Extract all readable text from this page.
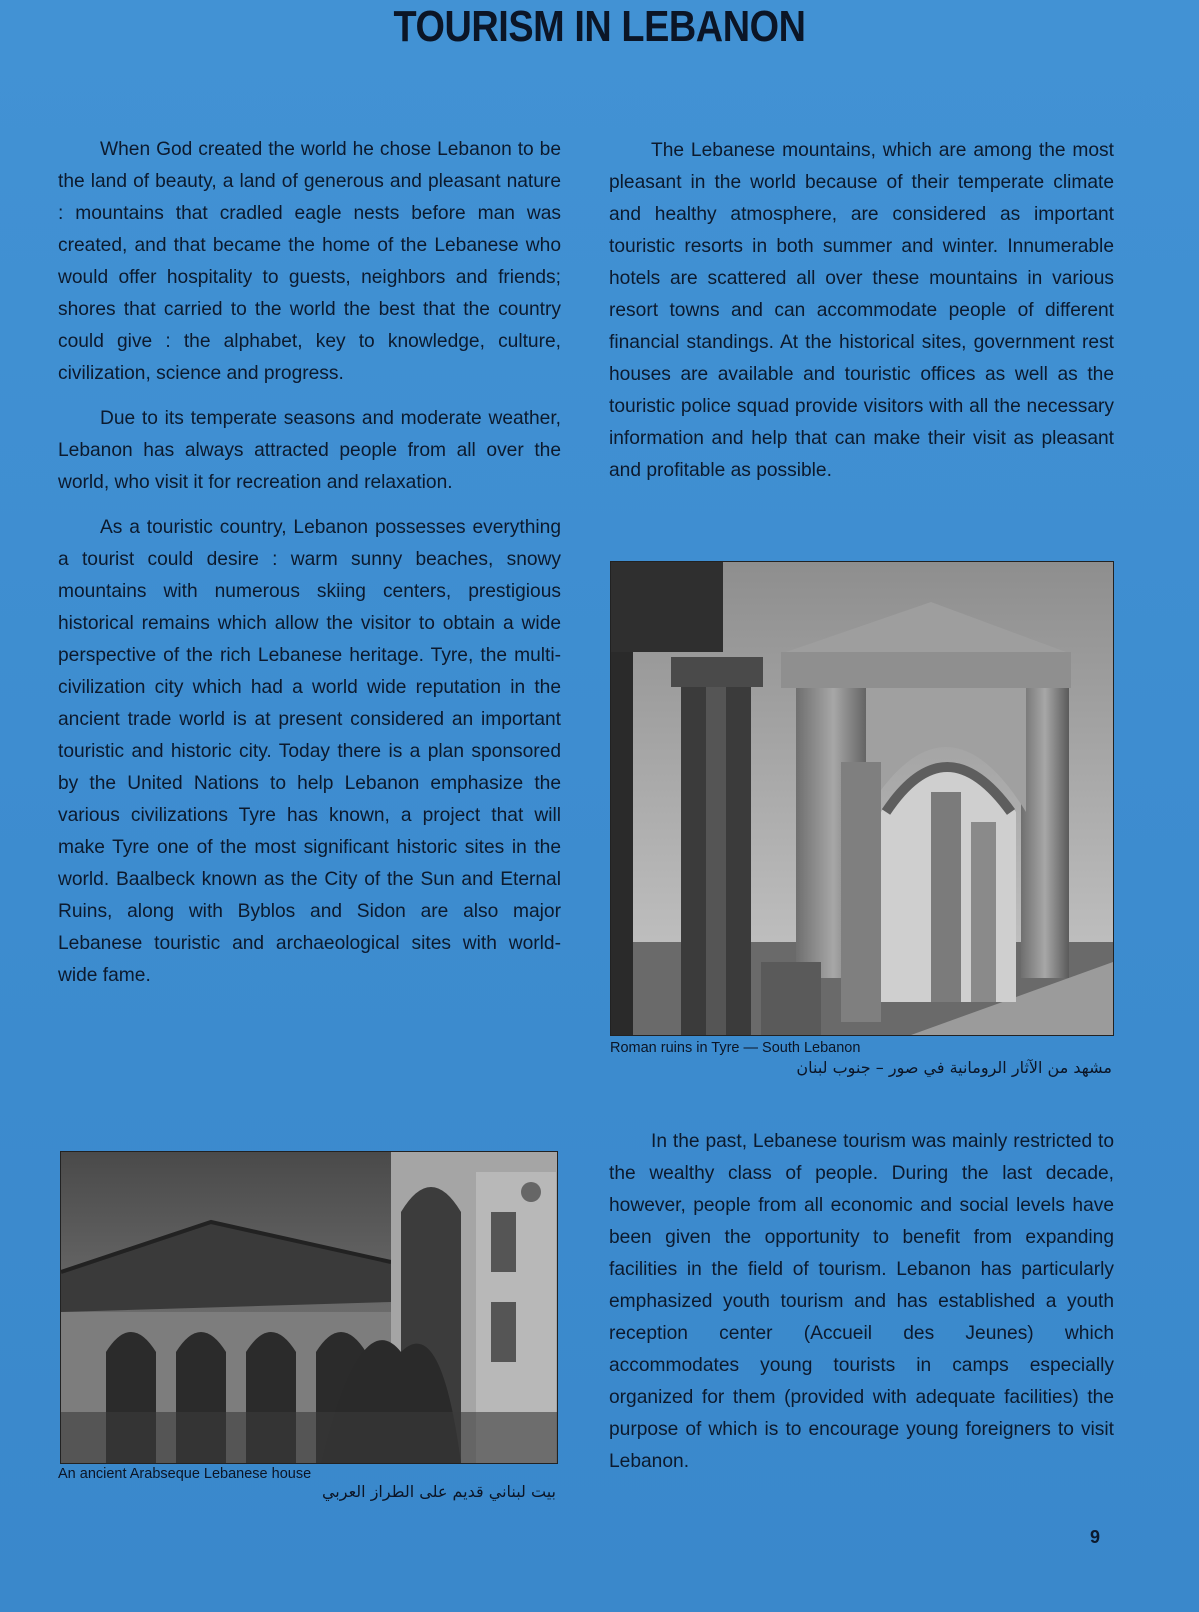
TOURISM IN LEBANON

When God created the world he chose Lebanon to be the land of beauty, a land of generous and pleasant nature : mountains that cradled eagle nests before man was created, and that became the home of the Lebanese who would offer hospitality to guests, neighbors and friends; shores that carried to the world the best that the country could give : the alphabet, key to knowledge, culture, civilization, science and progress.

Due to its temperate seasons and moderate weather, Lebanon has always attracted people from all over the world, who visit it for recreation and relaxation.

As a touristic country, Lebanon possesses everything a tourist could desire : warm sunny beaches, snowy mountains with numerous skiing centers, prestigious historical remains which allow the visitor to obtain a wide perspective of the rich Lebanese heritage. Tyre, the multi-civilization city which had a world wide reputation in the ancient trade world is at present considered an important touristic and historic city. Today there is a plan sponsored by the United Nations to help Lebanon emphasize the various civilizations Tyre has known, a project that will make Tyre one of the most significant historic sites in the world. Baalbeck known as the City of the Sun and Eternal Ruins, along with Byblos and Sidon are also major Lebanese touristic and archaeological sites with world-wide fame.

The Lebanese mountains, which are among the most pleasant in the world because of their temperate climate and healthy atmosphere, are considered as important touristic resorts in both summer and winter. Innumerable hotels are scattered all over these mountains in various resort towns and can accommodate people of different financial standings. At the historical sites, government rest houses are available and touristic offices as well as the touristic police squad provide visitors with all the necessary information and help that can make their visit as pleasant and profitable as possible.

Roman ruins in Tyre — South Lebanon
مشهد من الآثار الرومانية في صور – جنوب لبنان

In the past, Lebanese tourism was mainly restricted to the wealthy class of people. During the last decade, however, people from all economic and social levels have been given the opportunity to benefit from expanding facilities in the field of tourism. Lebanon has particularly emphasized youth tourism and has established a youth reception center (Accueil des Jeunes) which accommodates young tourists in camps especially organized for them (provided with adequate facilities) the purpose of which is to encourage young foreigners to visit Lebanon.

An ancient Arabseque Lebanese house
بيت لبناني قديم على الطراز العربي
9
